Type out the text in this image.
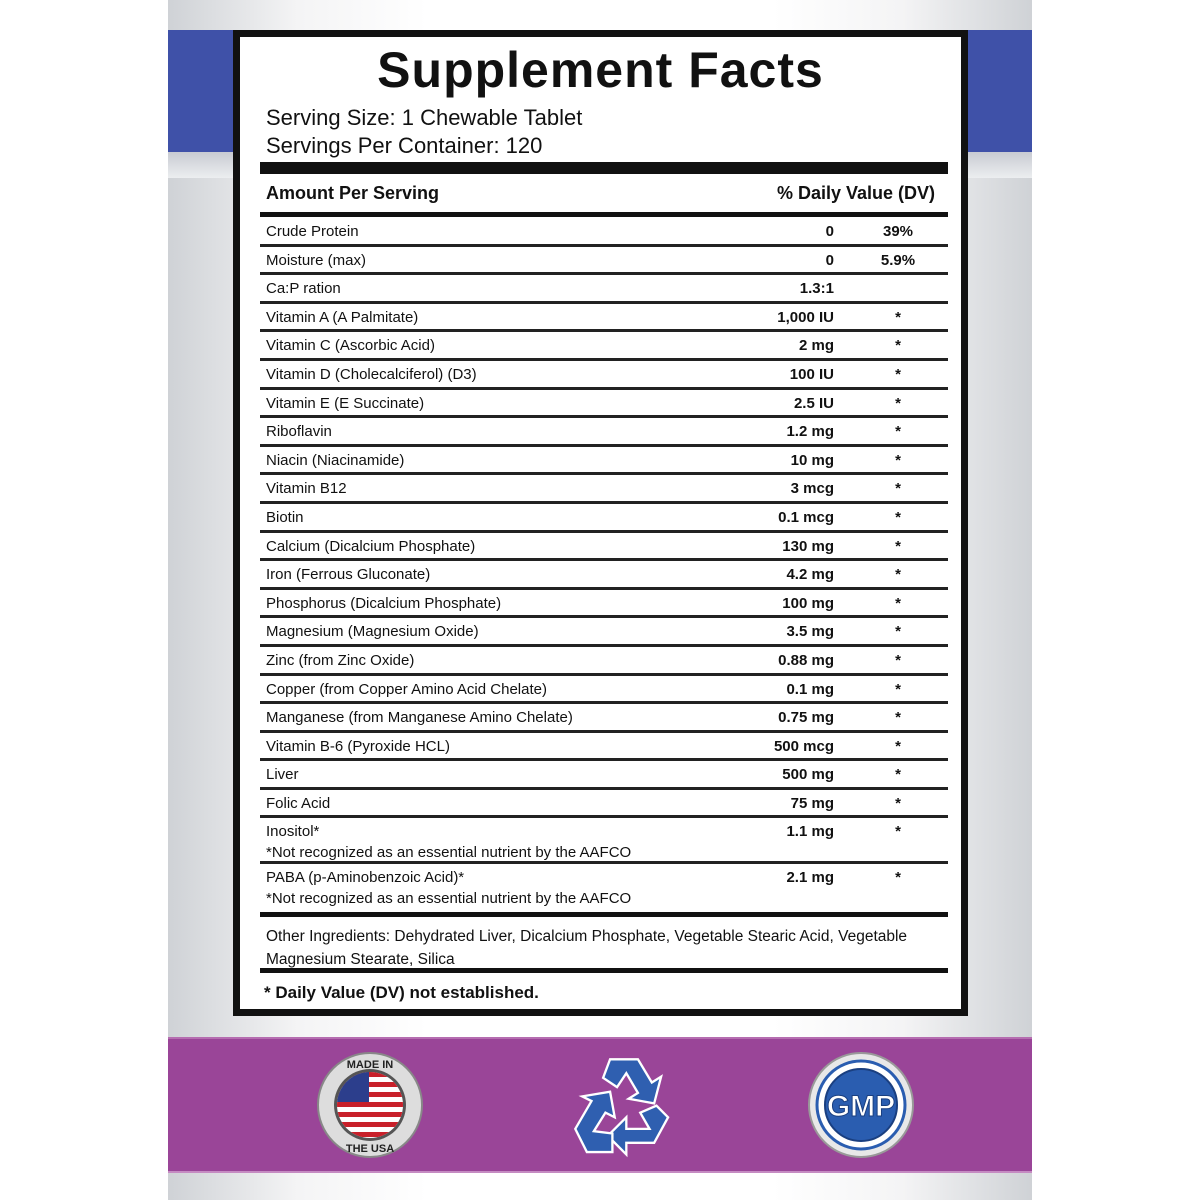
Supplement Facts
Serving Size: 1 Chewable Tablet
Servings Per Container: 120
Amount Per Serving	% Daily Value (DV)
Crude Protein	0	39%
Moisture (max)	0	5.9%
Ca:P ration	1.3:1
Vitamin A (A Palmitate)	1,000 IU	*
Vitamin C (Ascorbic Acid)	2 mg	*
Vitamin D (Cholecalciferol) (D3)	100 IU	*
Vitamin E (E Succinate)	2.5 IU	*
Riboflavin	1.2 mg	*
Niacin (Niacinamide)	10 mg	*
Vitamin B12	3 mcg	*
Biotin	0.1 mcg	*
Calcium (Dicalcium Phosphate)	130 mg	*
Iron (Ferrous Gluconate)	4.2 mg	*
Phosphorus (Dicalcium Phosphate)	100 mg	*
Magnesium (Magnesium Oxide)	3.5 mg	*
Zinc (from Zinc Oxide)	0.88 mg	*
Copper (from Copper Amino Acid Chelate)	0.1 mg	*
Manganese (from Manganese Amino Chelate)	0.75 mg	*
Vitamin B-6 (Pyroxide HCL)	500 mcg	*
Liver	500 mg	*
Folic Acid	75 mg	*
Inositol*	1.1 mg	*
*Not recognized as an essential nutrient by the AAFCO
PABA (p-Aminobenzoic Acid)*	2.1 mg	*
*Not recognized as an essential nutrient by the AAFCO
Other Ingredients: Dehydrated Liver, Dicalcium Phosphate, Vegetable Stearic Acid, Vegetable Magnesium Stearate, Silica
* Daily Value (DV) not established.
MADE IN
THE USA
GMP
